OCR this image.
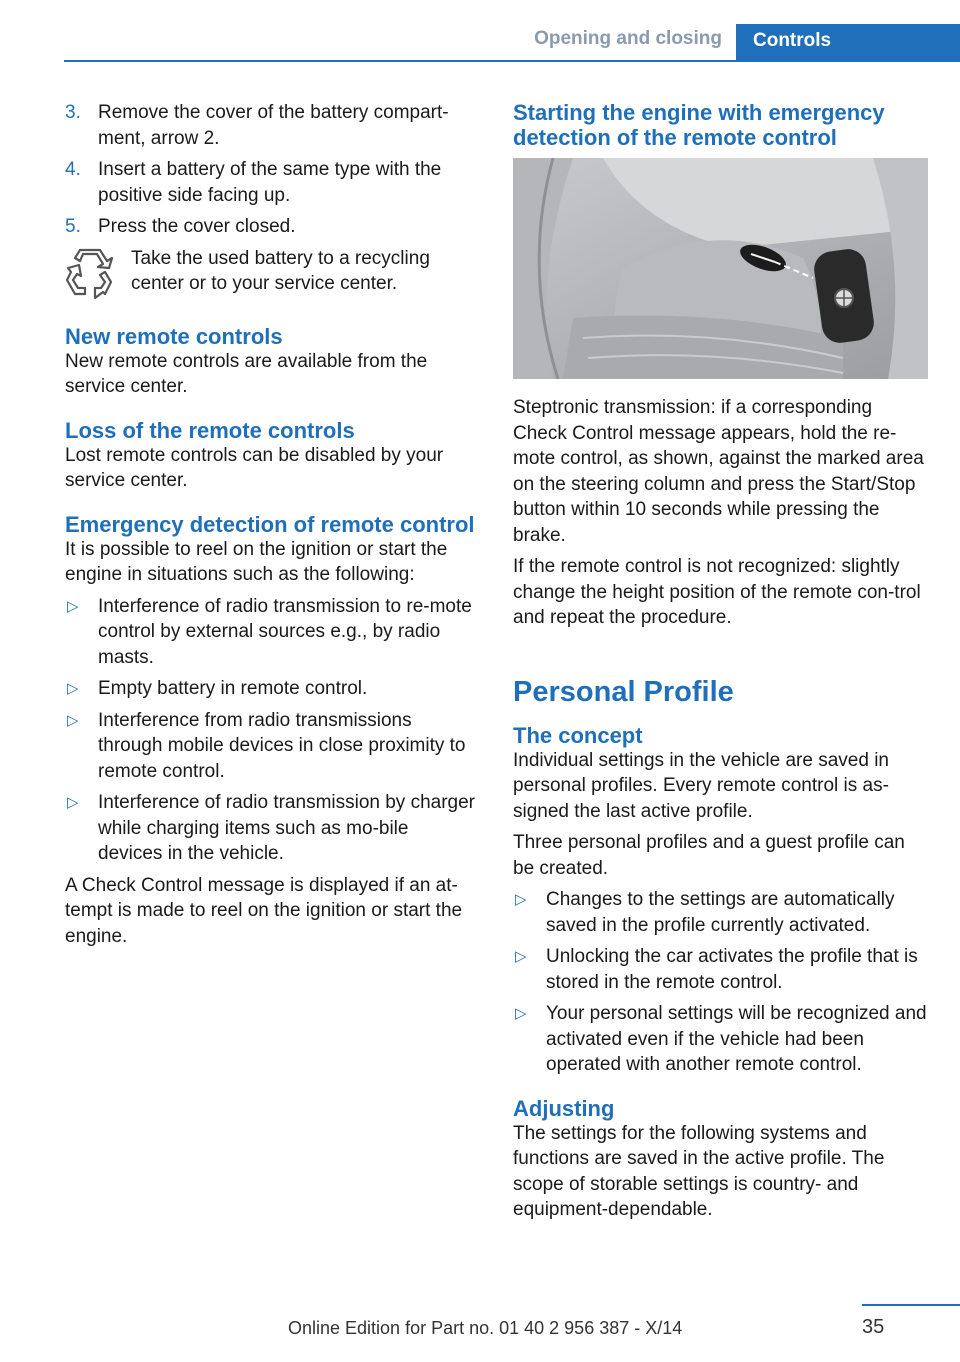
Opening and closing	Controls
3. Remove the cover of the battery compart‐ment, arrow 2.
4. Insert a battery of the same type with the positive side facing up.
5. Press the cover closed.

Take the used battery to a recycling center or to your service center.

New remote controls

New remote controls are available from the service center.

Loss of the remote controls

Lost remote controls can be disabled by your service center.

Emergency detection of remote control

It is possible to reel on the ignition or start the engine in situations such as the following:

▷ Interference of radio transmission to re‐mote control by external sources e.g., by radio masts.
▷ Empty battery in remote control.
▷ Interference from radio transmissions through mobile devices in close proximity to remote control.
▷ Interference of radio transmission by charger while charging items such as mo‐bile devices in the vehicle.

A Check Control message is displayed if an at‐tempt is made to reel on the ignition or start the engine.

Starting the engine with emergency detection of the remote control

Steptronic transmission: if a corresponding Check Control message appears, hold the re‐mote control, as shown, against the marked area on the steering column and press the Start/Stop button within 10 seconds while pressing the brake.

If the remote control is not recognized: slightly change the height position of the remote con‐trol and repeat the procedure.

Personal Profile
The concept

Individual settings in the vehicle are saved in personal profiles. Every remote control is as‐signed the last active profile.

Three personal profiles and a guest profile can be created.

▷ Changes to the settings are automatically saved in the profile currently activated.
▷ Unlocking the car activates the profile that is stored in the remote control.
▷ Your personal settings will be recognized and activated even if the vehicle had been operated with another remote control.
Adjusting

The settings for the following systems and functions are saved in the active profile. The scope of storable settings is country- and equipment-dependable.

35
Online Edition for Part no. 01 40 2 956 387 - X/14
